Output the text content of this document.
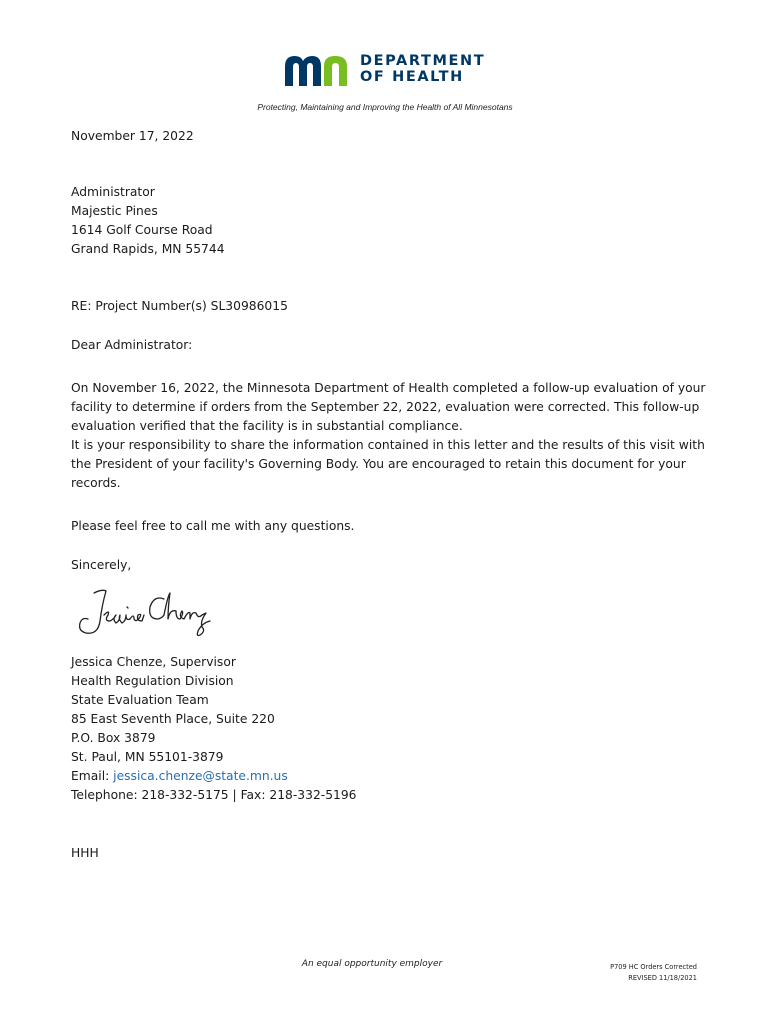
DEPARTMENT
OF HEALTH
Protecting, Maintaining and Improving the Health of All Minnesotans
November 17, 2022

Administrator

Majestic Pines

1614 Golf Course Road

Grand Rapids, MN 55744

RE: Project Number(s) SL30986015
Dear Administrator:

On November 16, 2022, the Minnesota Department of Health completed a follow-up evaluation of your facility to determine if orders from the September 22, 2022, evaluation were corrected. This follow-up evaluation verified that the facility is in substantial compliance.

It is your responsibility to share the information contained in this letter and the results of this visit with the President of your facility's Governing Body. You are encouraged to retain this document for your records.

Please feel free to call me with any questions.
Sincerely,

Jessica Chenze, Supervisor

Health Regulation Division

State Evaluation Team

85 East Seventh Place, Suite 220

P.O. Box 3879

St. Paul, MN 55101-3879

Email: jessica.chenze@state.mn.us

Telephone: 218-332-5175 | Fax: 218-332-5196

HHH
An equal opportunity employer	P709 HC Orders Corrected
REVISED 11/18/2021
